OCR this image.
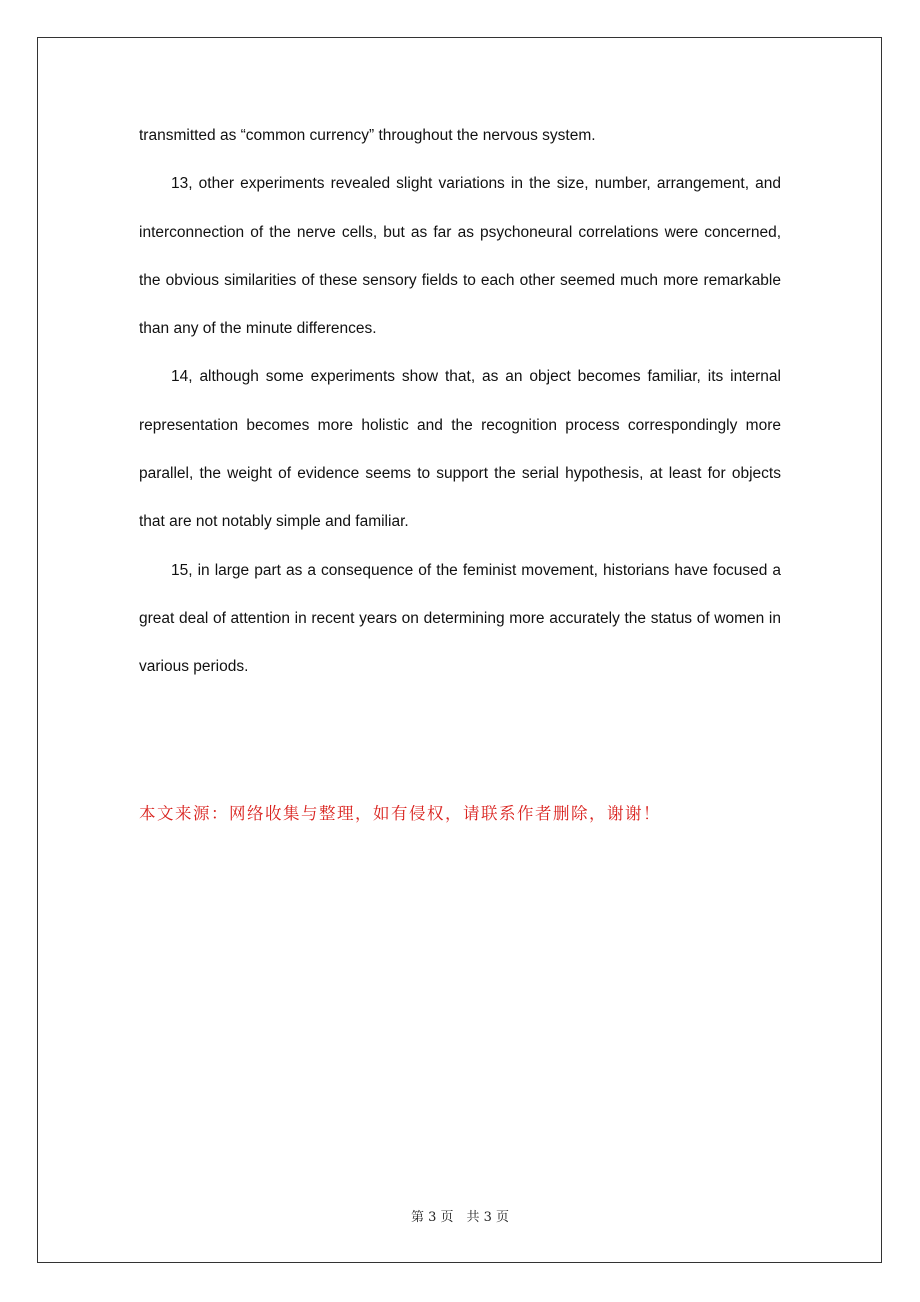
transmitted as “common currency” throughout the nervous system.

13, other experiments revealed slight variations in the size, number, arrangement, and interconnection of the nerve cells, but as far as psychoneural correlations were concerned, the obvious similarities of these sensory fields to each other seemed much more remarkable than any of the minute differences.

14, although some experiments show that, as an object becomes familiar, its internal representation becomes more holistic and the recognition process correspondingly more parallel, the weight of evidence seems to support the serial hypothesis, at least for objects that are not notably simple and familiar.

15, in large part as a consequence of the feminist movement, historians have focused a great deal of attention in recent years on determining more accurately the status of women in various periods.

本文来源：网络收集与整理，如有侵权，请联系作者删除，谢谢！
第 3 页　共 3 页
